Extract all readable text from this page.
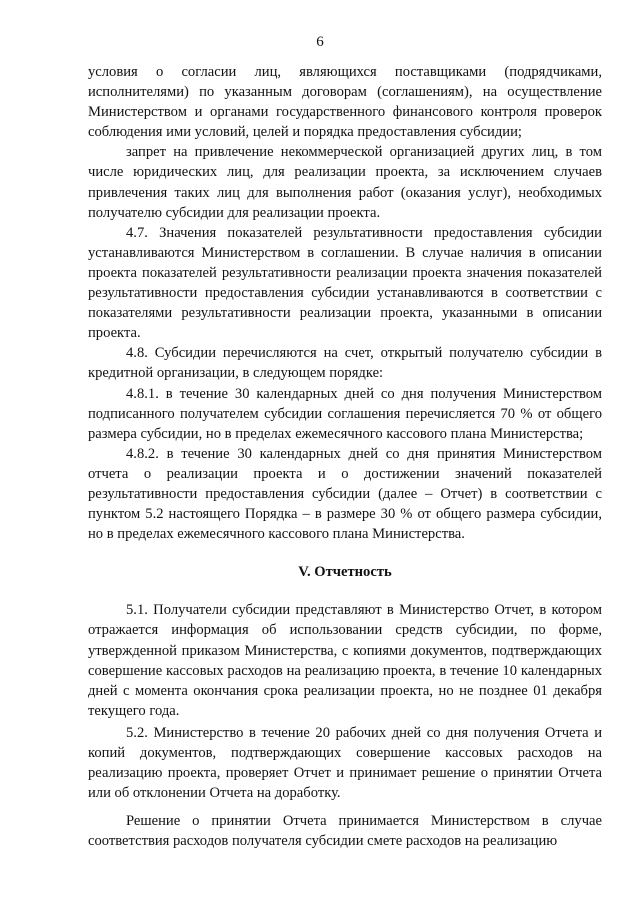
6

условия о согласии лиц, являющихся поставщиками (подрядчиками, исполнителями) по указанным договорам (соглашениям), на осуществление Министерством и органами государственного финансового контроля проверок соблюдения ими условий, целей и порядка предоставления субсидии;

запрет на привлечение некоммерческой организацией других лиц, в том числе юридических лиц, для реализации проекта, за исключением случаев привлечения таких лиц для выполнения работ (оказания услуг), необходимых получателю субсидии для реализации проекта.

4.7. Значения показателей результативности предоставления субсидии устанавливаются Министерством в соглашении. В случае наличия в описании проекта показателей результативности реализации проекта значения показателей результативности предоставления субсидии устанавливаются в соответствии с показателями результативности реализации проекта, указанными в описании проекта.

4.8. Субсидии перечисляются на счет, открытый получателю субсидии в кредитной организации, в следующем порядке:

4.8.1. в течение 30 календарных дней со дня получения Министерством подписанного получателем субсидии соглашения перечисляется 70 % от общего размера субсидии, но в пределах ежемесячного кассового плана Министерства;

4.8.2. в течение 30 календарных дней со дня принятия Министерством отчета о реализации проекта и о достижении значений показателей результативности предоставления субсидии (далее – Отчет) в соответствии с пунктом 5.2 настоящего Порядка – в размере 30 % от общего размера субсидии, но в пределах ежемесячного кассового плана Министерства.

V. Отчетность

5.1. Получатели субсидии представляют в Министерство Отчет, в котором отражается информация об использовании средств субсидии, по форме, утвержденной приказом Министерства, с копиями документов, подтверждающих совершение кассовых расходов на реализацию проекта, в течение 10 календарных дней с момента окончания срока реализации проекта, но не позднее 01 декабря текущего года.

5.2. Министерство в течение 20 рабочих дней со дня получения Отчета и копий документов, подтверждающих совершение кассовых расходов на реализацию проекта, проверяет Отчет и принимает решение о принятии Отчета или об отклонении Отчета на доработку.

Решение о принятии Отчета принимается Министерством в случае соответствия расходов получателя субсидии смете расходов на реализацию
